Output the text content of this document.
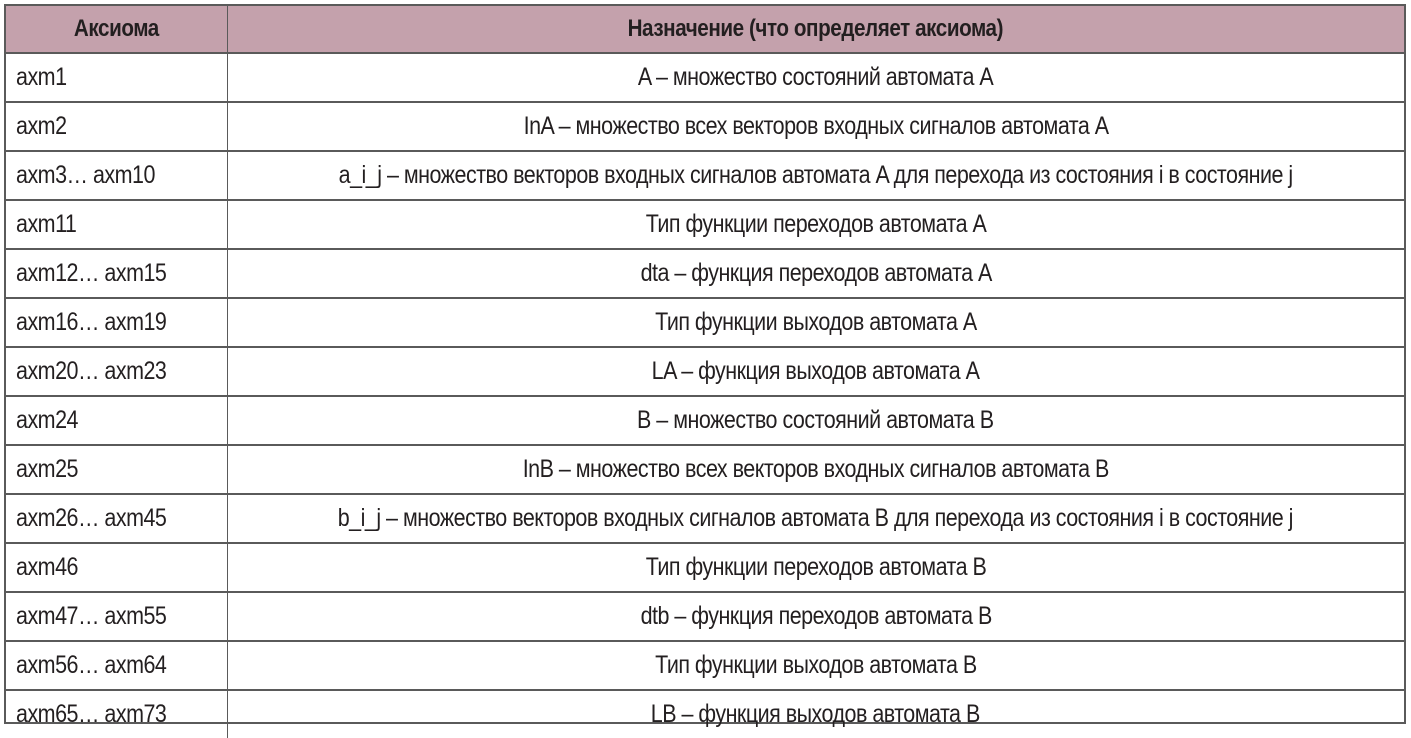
Аксиома	Назначение (что определяет аксиома)
axm1	A – множество состояний автомата A
axm2	InA – множество всех векторов входных сигналов автомата A
axm3… axm10	a_i_j – множество векторов входных сигналов автомата A для перехода из состояния i в состояние j
axm11	Тип функции переходов автомата A
axm12… axm15	dta – функция переходов автомата A
axm16… axm19	Тип функции выходов автомата A
axm20… axm23	LA – функция выходов автомата A
axm24	B – множество состояний автомата B
axm25	InB – множество всех векторов входных сигналов автомата B
axm26… axm45	b_i_j – множество векторов входных сигналов автомата B для перехода из состояния i в состояние j
axm46	Тип функции переходов автомата B
axm47… axm55	dtb – функция переходов автомата B
axm56… axm64	Тип функции выходов автомата B
axm65… axm73	LB – функция выходов автомата B
